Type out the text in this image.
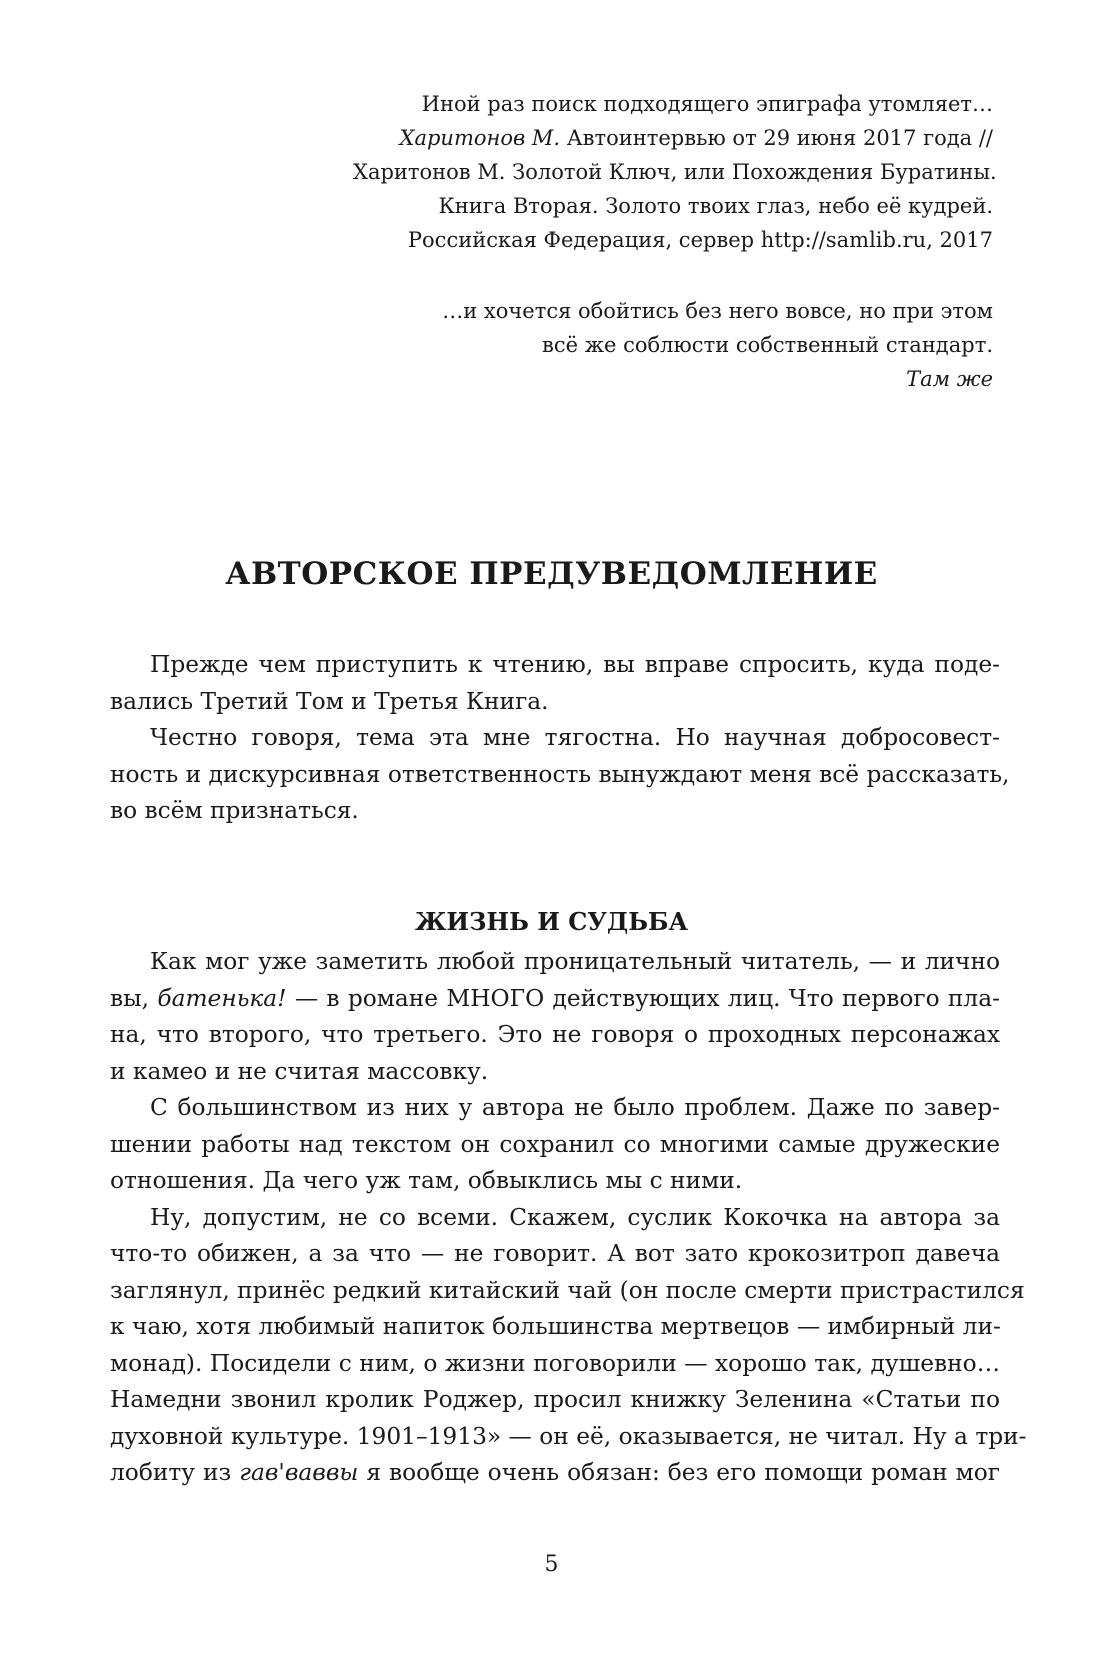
Иной раз поиск подходящего эпиграфа утомляет…
Харитонов М. Автоинтервью от 29 июня 2017 года //
Харитонов М. Золотой Ключ, или Похождения Буратины.
Книга Вторая. Золото твоих глаз, небо её кудрей.
Российская Федерация, сервер http://samlib.ru, 2017
…и хочется обойтись без него вовсе, но при этом
всё же соблюсти собственный стандарт.
Там же
АВТОРСКОЕ ПРЕДУВЕДОМЛЕНИЕ
Прежде чем приступить к чтению, вы вправе спросить, куда поде-
вались Третий Том и Третья Книга.
Честно говоря, тема эта мне тягостна. Но научная добросовест-
ность и дискурсивная ответственность вынуждают меня всё рассказать,
во всём признаться.
ЖИЗНЬ И СУДЬБА
Как мог уже заметить любой проницательный читатель, — и лично
вы, батенька! — в романе МНОГО действующих лиц. Что первого пла-
на, что второго, что третьего. Это не говоря о проходных персонажах
и камео и не считая массовку.
С большинством из них у автора не было проблем. Даже по завер-
шении работы над текстом он сохранил со многими самые дружеские
отношения. Да чего уж там, обвыклись мы с ними.
Ну, допустим, не со всеми. Скажем, суслик Кокочка на автора за
что-то обижен, а за что — не говорит. А вот зато крокозитроп давеча
заглянул, принёс редкий китайский чай (он после смерти пристрастился
к чаю, хотя любимый напиток большинства мертвецов — имбирный ли-
монад). Посидели с ним, о жизни поговорили — хорошо так, душевно…
Намедни звонил кролик Роджер, просил книжку Зеленина «Статьи по
духовной культуре. 1901–1913» — он её, оказывается, не читал. Ну а три-
лобиту из гав'ваввы я вообще очень обязан: без его помощи роман мог
5
